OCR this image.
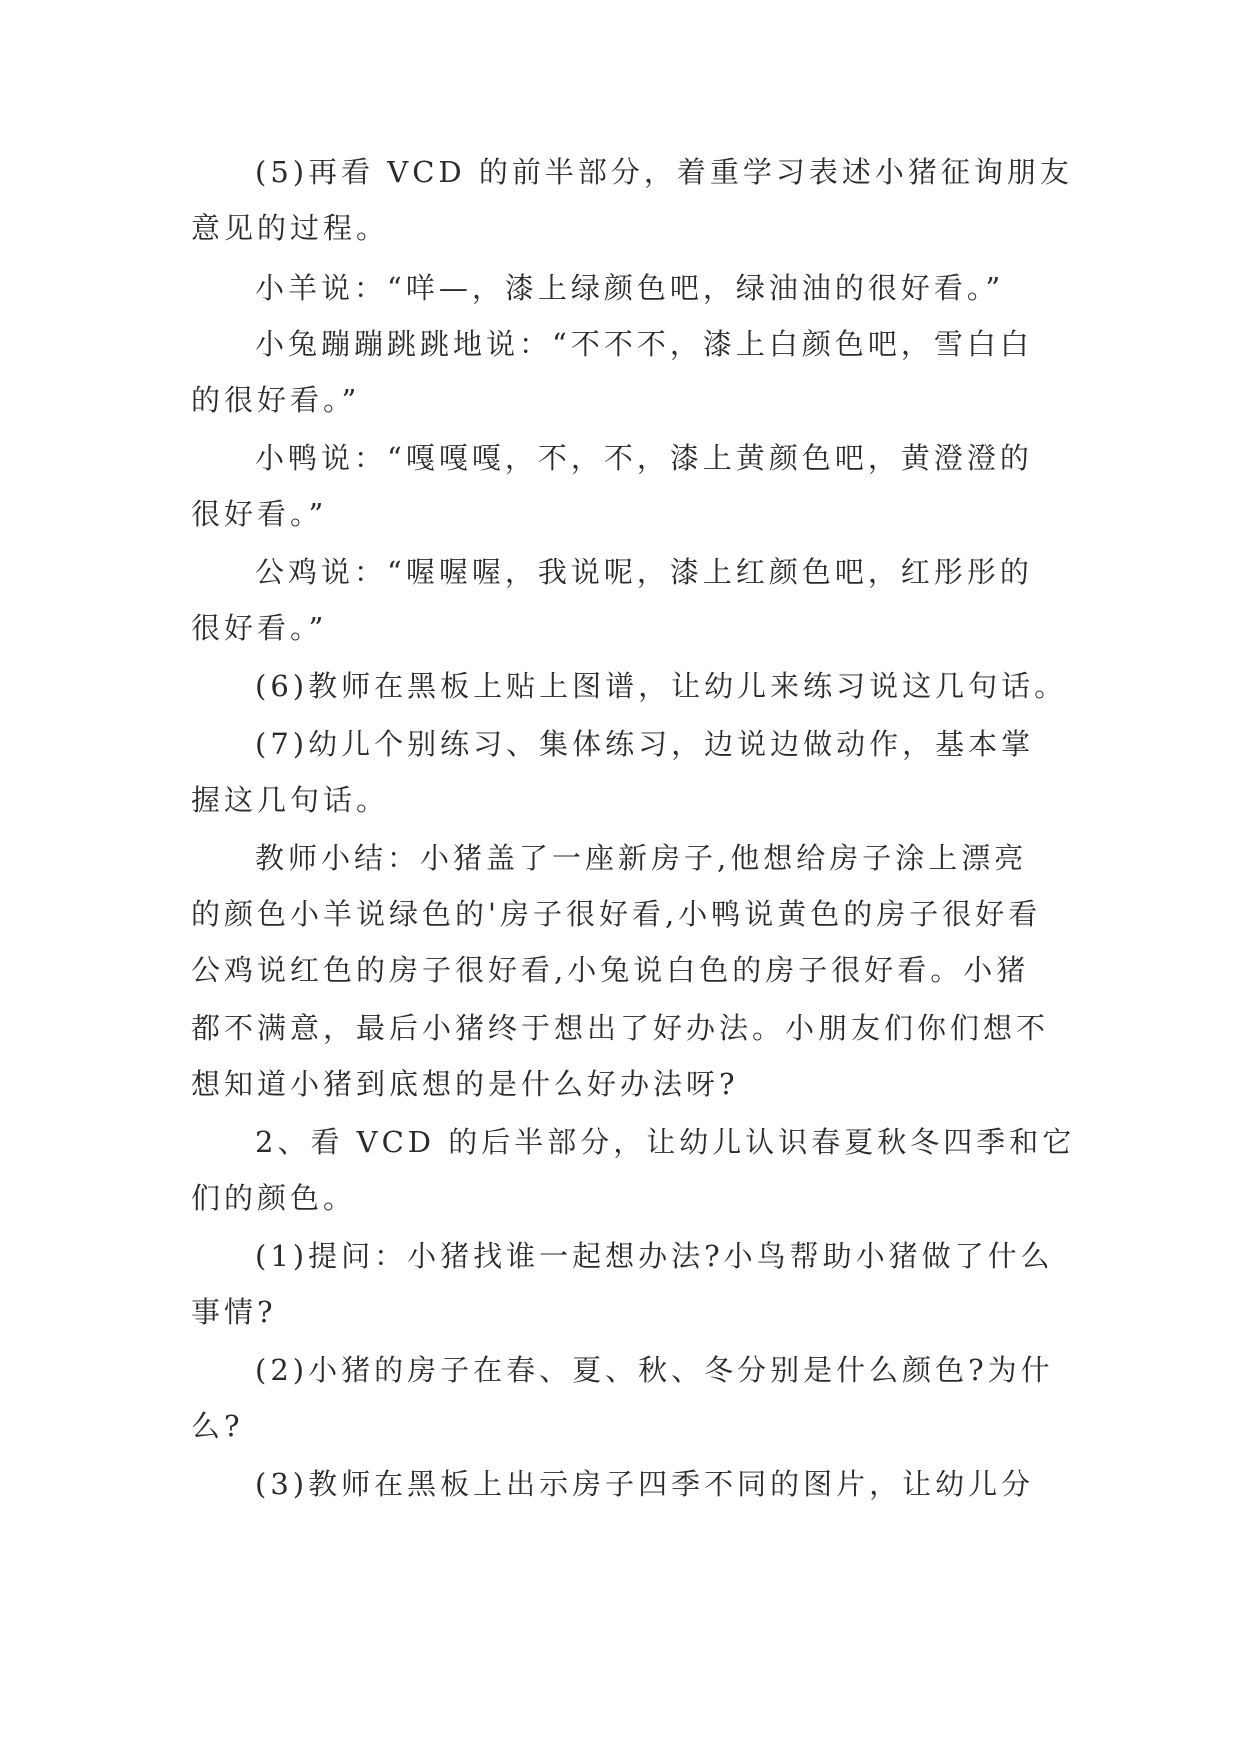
(5)再看 VCD 的前半部分，着重学习表述小猪征询朋友
意见的过程。
小羊说：“咩—，漆上绿颜色吧，绿油油的很好看。”
小兔蹦蹦跳跳地说：“不不不，漆上白颜色吧，雪白白
的很好看。”
小鸭说：“嘎嘎嘎，不，不，漆上黄颜色吧，黄澄澄的
很好看。”
公鸡说：“喔喔喔，我说呢，漆上红颜色吧，红彤彤的
很好看。”
(6)教师在黑板上贴上图谱，让幼儿来练习说这几句话。
(7)幼儿个别练习、集体练习，边说边做动作，基本掌
握这几句话。
教师小结：小猪盖了一座新房子,他想给房子涂上漂亮
的颜色小羊说绿色的'房子很好看,小鸭说黄色的房子很好看
公鸡说红色的房子很好看,小兔说白色的房子很好看。小猪
都不满意，最后小猪终于想出了好办法。小朋友们你们想不
想知道小猪到底想的是什么好办法呀?
2、看 VCD 的后半部分，让幼儿认识春夏秋冬四季和它
们的颜色。
(1)提问：小猪找谁一起想办法?小鸟帮助小猪做了什么
事情?
(2)小猪的房子在春、夏、秋、冬分别是什么颜色?为什
么?
(3)教师在黑板上出示房子四季不同的图片，让幼儿分
